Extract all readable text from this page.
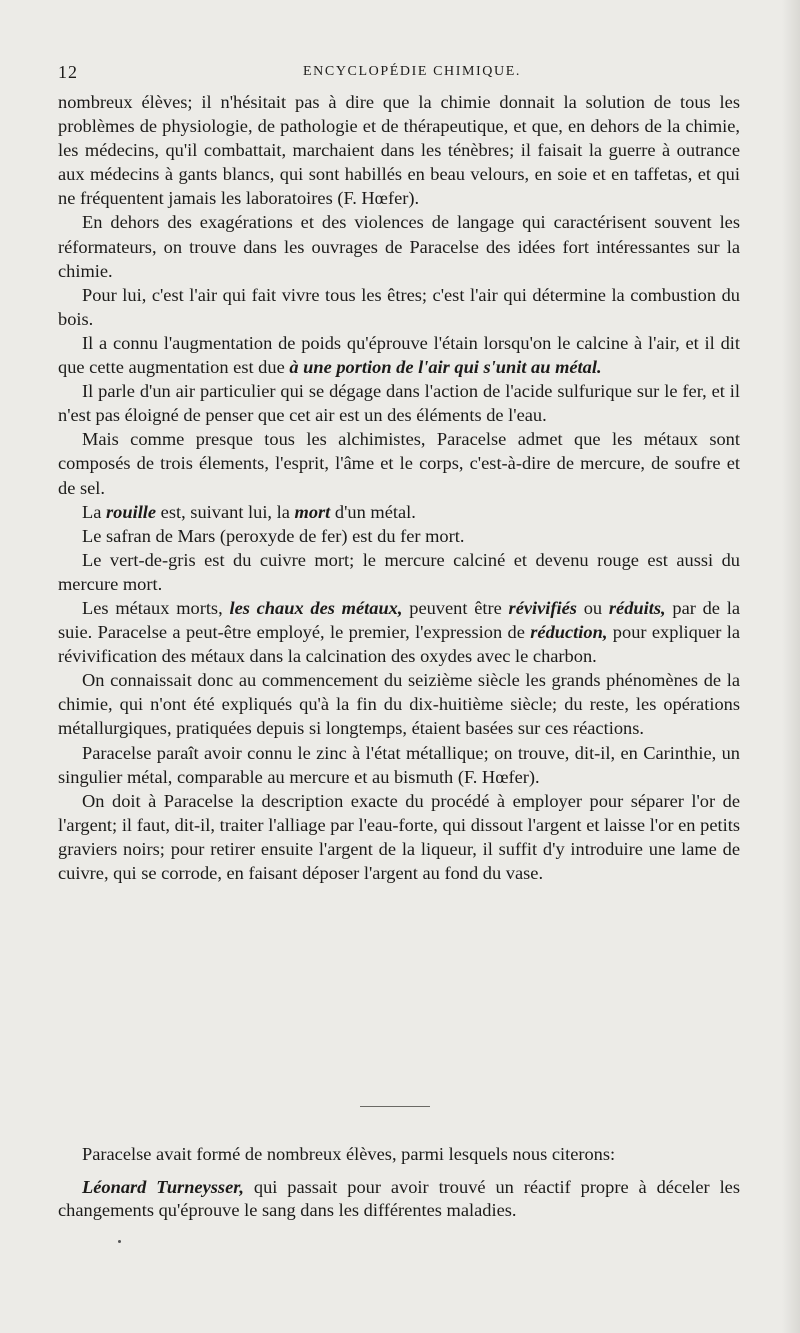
12	ENCYCLOPÉDIE CHIMIQUE.

nombreux élèves; il n'hésitait pas à dire que la chimie donnait la solution de tous les problèmes de physiologie, de pathologie et de thérapeutique, et que, en dehors de la chimie, les médecins, qu'il combattait, marchaient dans les ténèbres; il faisait la guerre à outrance aux médecins à gants blancs, qui sont habillés en beau velours, en soie et en taffetas, et qui ne fréquentent jamais les laboratoires (F. Hœfer).

En dehors des exagérations et des violences de langage qui caractérisent souvent les réformateurs, on trouve dans les ouvrages de Paracelse des idées fort intéressantes sur la chimie.

Pour lui, c'est l'air qui fait vivre tous les êtres; c'est l'air qui détermine la combustion du bois.

Il a connu l'augmentation de poids qu'éprouve l'étain lorsqu'on le calcine à l'air, et il dit que cette augmentation est due à une portion de l'air qui s'unit au métal.

Il parle d'un air particulier qui se dégage dans l'action de l'acide sulfurique sur le fer, et il n'est pas éloigné de penser que cet air est un des éléments de l'eau.

Mais comme presque tous les alchimistes, Paracelse admet que les métaux sont composés de trois élements, l'esprit, l'âme et le corps, c'est-à-dire de mercure, de soufre et de sel.

La rouille est, suivant lui, la mort d'un métal.

Le safran de Mars (peroxyde de fer) est du fer mort.

Le vert-de-gris est du cuivre mort; le mercure calciné et devenu rouge est aussi du mercure mort.

Les métaux morts, les chaux des métaux, peuvent être révivifiés ou réduits, par de la suie. Paracelse a peut-être employé, le premier, l'expression de réduction, pour expliquer la révivification des métaux dans la calcination des oxydes avec le charbon.

On connaissait donc au commencement du seizième siècle les grands phénomènes de la chimie, qui n'ont été expliqués qu'à la fin du dix-huitième siècle; du reste, les opérations métallurgiques, pratiquées depuis si longtemps, étaient basées sur ces réactions.

Paracelse paraît avoir connu le zinc à l'état métallique; on trouve, dit-il, en Carinthie, un singulier métal, comparable au mercure et au bismuth (F. Hœfer).

On doit à Paracelse la description exacte du procédé à employer pour séparer l'or de l'argent; il faut, dit-il, traiter l'alliage par l'eau-forte, qui dissout l'argent et laisse l'or en petits graviers noirs; pour retirer ensuite l'argent de la liqueur, il suffit d'y introduire une lame de cuivre, qui se corrode, en faisant déposer l'argent au fond du vase.

Paracelse avait formé de nombreux élèves, parmi lesquels nous citerons:

Léonard Turneysser, qui passait pour avoir trouvé un réactif propre à déceler les changements qu'éprouve le sang dans les différentes maladies.
